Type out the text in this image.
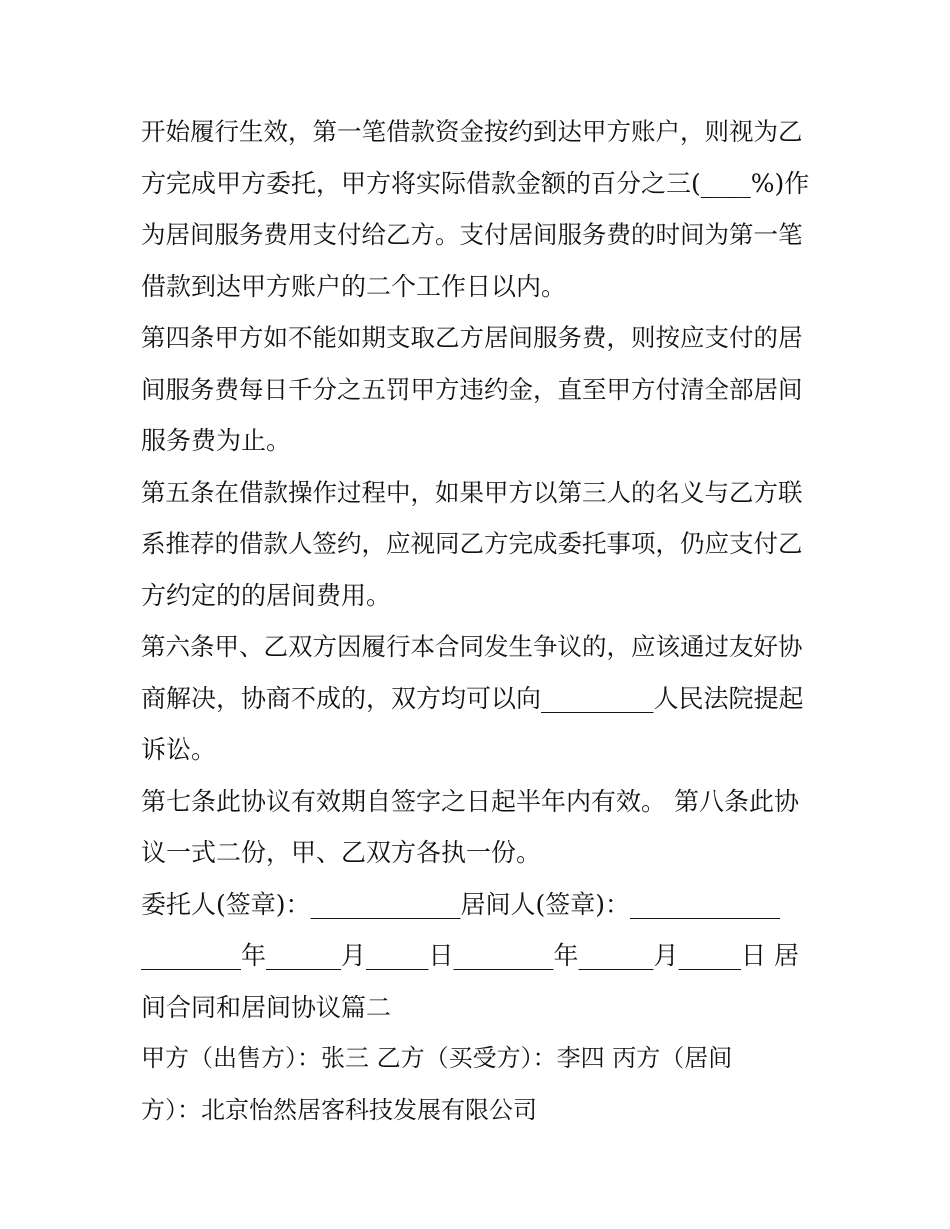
开始履行生效，第一笔借款资金按约到达甲方账户，则视为乙
方完成甲方委托，甲方将实际借款金额的百分之三(____%)作
为居间服务费用支付给乙方。支付居间服务费的时间为第一笔
借款到达甲方账户的二个工作日以内。
第四条甲方如不能如期支取乙方居间服务费，则按应支付的居
间服务费每日千分之五罚甲方违约金，直至甲方付清全部居间
服务费为止。
第五条在借款操作过程中，如果甲方以第三人的名义与乙方联
系推荐的借款人签约，应视同乙方完成委托事项，仍应支付乙
方约定的的居间费用。
第六条甲、乙双方因履行本合同发生争议的，应该通过友好协
商解决，协商不成的，双方均可以向_________人民法院提起
诉讼。
第七条此协议有效期自签字之日起半年内有效。 第八条此协
议一式二份，甲、乙双方各执一份。
委托人(签章)：____________居间人(签章)：____________
________年______月_____日________年______月_____日 居
间合同和居间协议篇二
甲方（出售方）：张三 乙方（买受方）：李四 丙方（居间
方）：北京怡然居客科技发展有限公司
